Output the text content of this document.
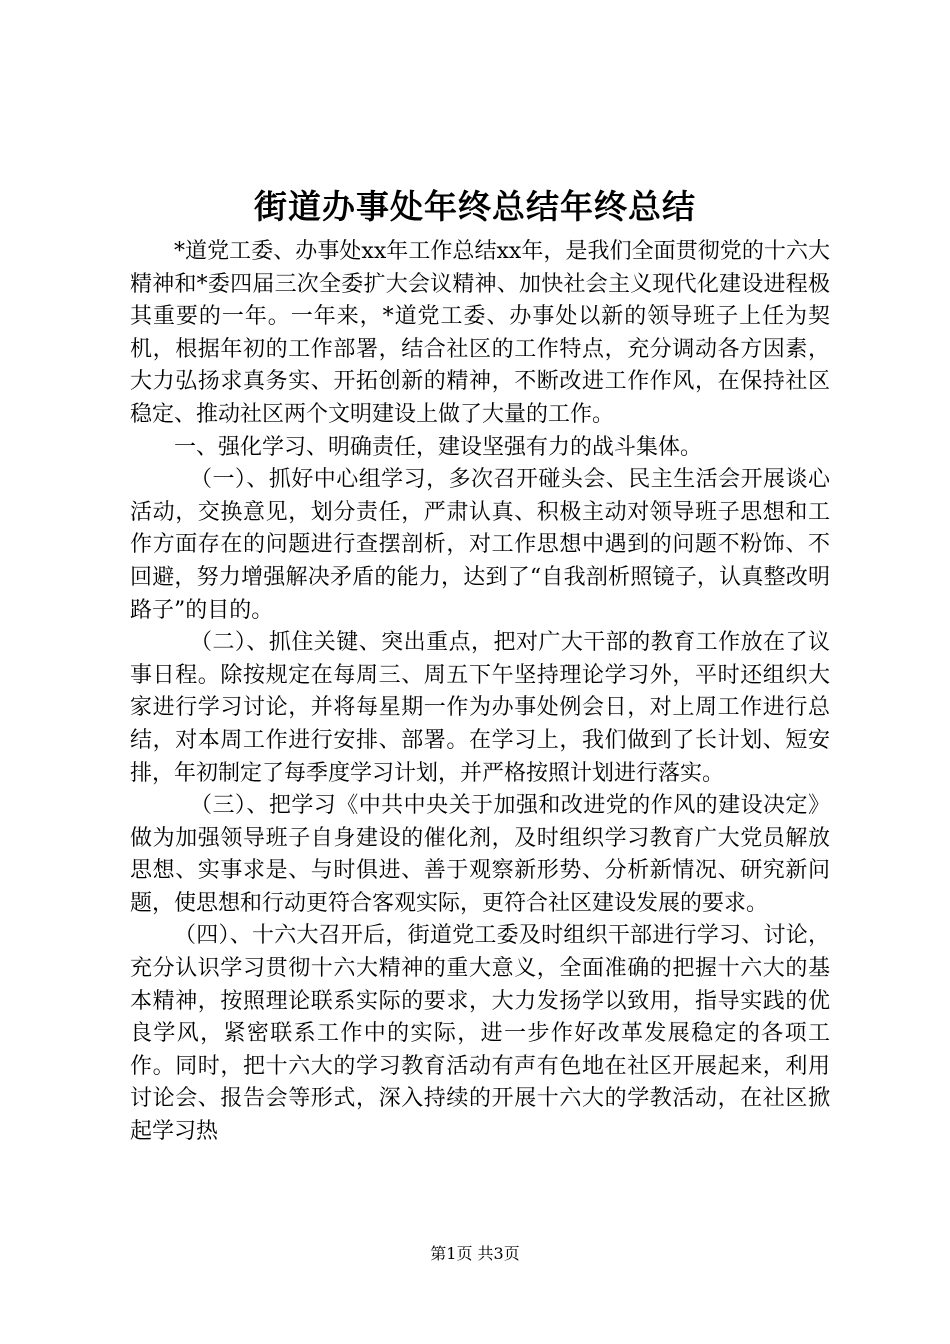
街道办事处年终总结年终总结

*道党工委、办事处xx年工作总结xx年，是我们全面贯彻党的十六大精神和*委四届三次全委扩大会议精神、加快社会主义现代化建设进程极其重要的一年。一年来，*道党工委、办事处以新的领导班子上任为契机，根据年初的工作部署，结合社区的工作特点，充分调动各方因素，大力弘扬求真务实、开拓创新的精神，不断改进工作作风，在保持社区稳定、推动社区两个文明建设上做了大量的工作。

一、强化学习、明确责任，建设坚强有力的战斗集体。

（一）、抓好中心组学习，多次召开碰头会、民主生活会开展谈心活动，交换意见，划分责任，严肃认真、积极主动对领导班子思想和工作方面存在的问题进行查摆剖析，对工作思想中遇到的问题不粉饰、不回避，努力增强解决矛盾的能力，达到了“自我剖析照镜子，认真整改明路子”的目的。

（二）、抓住关键、突出重点，把对广大干部的教育工作放在了议事日程。除按规定在每周三、周五下午坚持理论学习外，平时还组织大家进行学习讨论，并将每星期一作为办事处例会日，对上周工作进行总结，对本周工作进行安排、部署。在学习上，我们做到了长计划、短安排，年初制定了每季度学习计划，并严格按照计划进行落实。

（三）、把学习《中共中央关于加强和改进党的作风的建设决定》做为加强领导班子自身建设的催化剂，及时组织学习教育广大党员解放思想、实事求是、与时俱进、善于观察新形势、分析新情况、研究新问题，使思想和行动更符合客观实际，更符合社区建设发展的要求。

（四）、十六大召开后，街道党工委及时组织干部进行学习、讨论，充分认识学习贯彻十六大精神的重大意义，全面准确的把握十六大的基本精神，按照理论联系实际的要求，大力发扬学以致用，指导实践的优良学风，紧密联系工作中的实际，进一步作好改革发展稳定的各项工作。同时，把十六大的学习教育活动有声有色地在社区开展起来，利用讨论会、报告会等形式，深入持续的开展十六大的学教活动，在社区掀起学习热

第1页 共3页
